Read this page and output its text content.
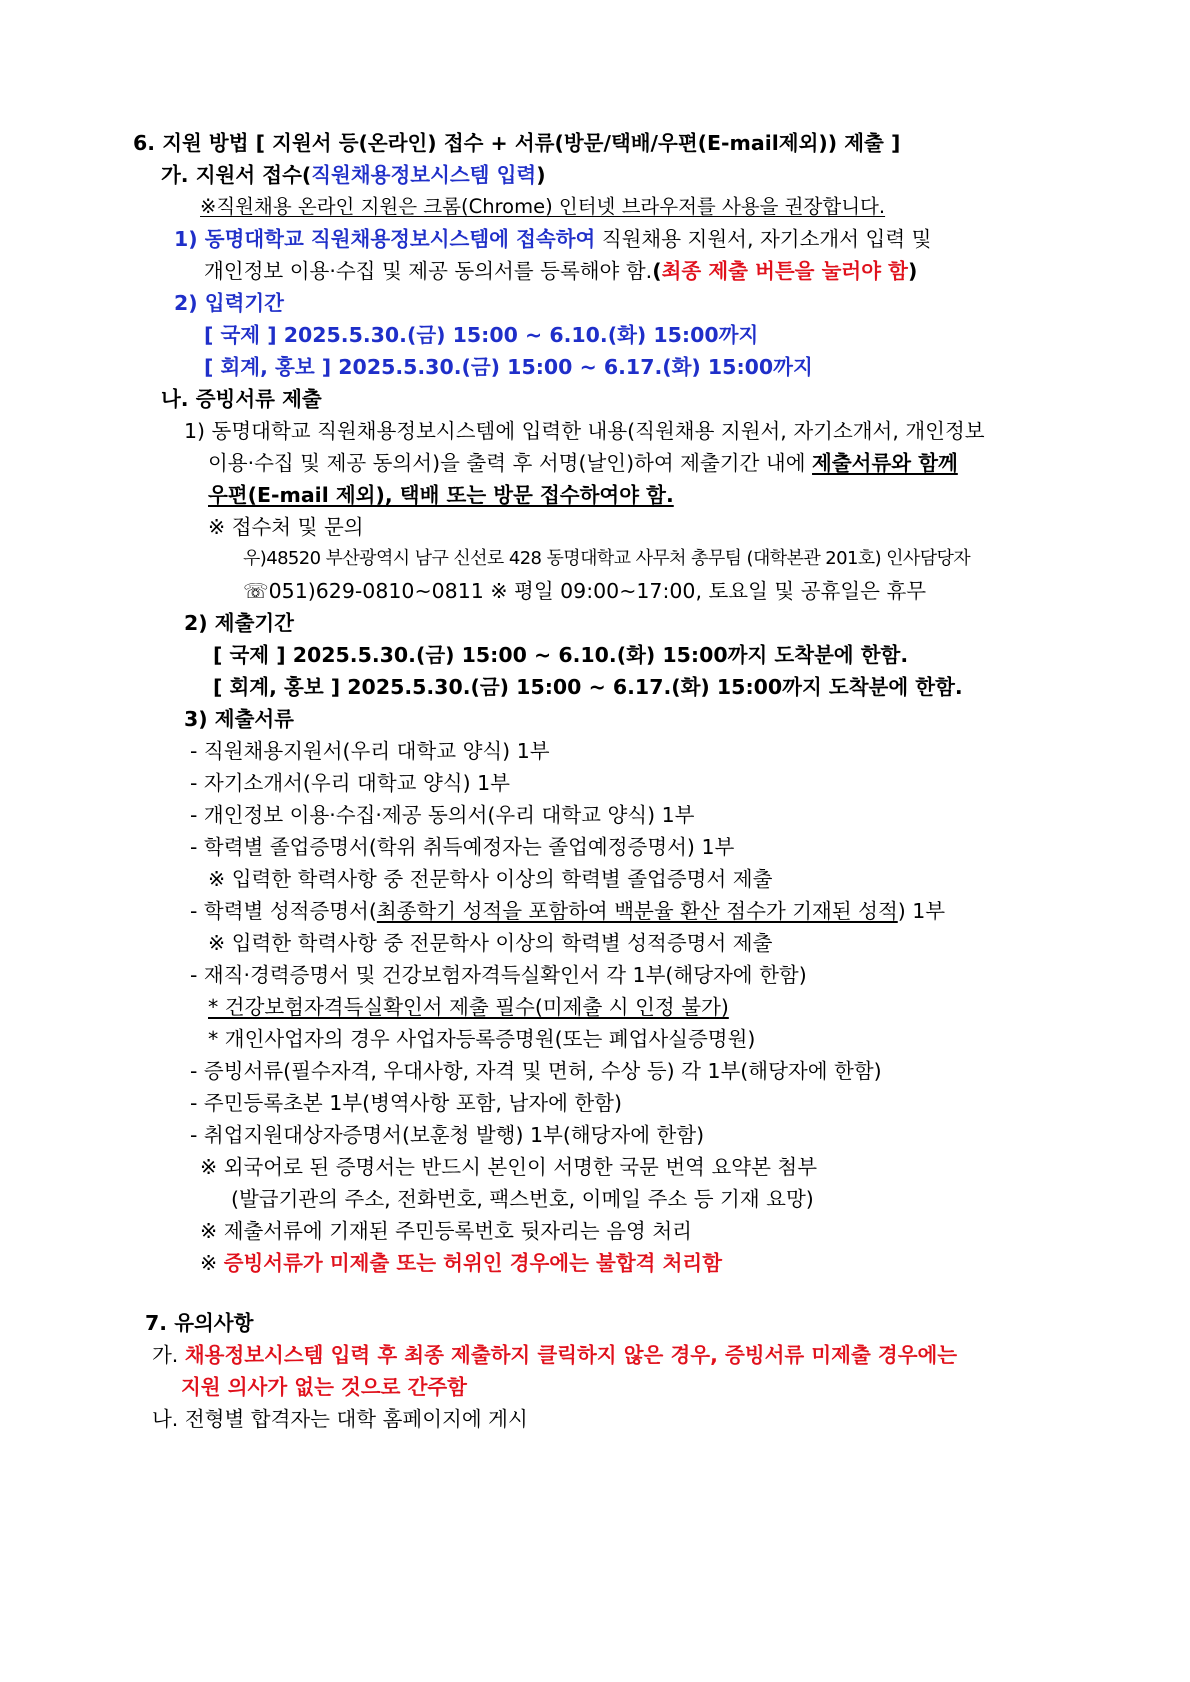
6. 지원 방법 [ 지원서 등(온라인) 접수 + 서류(방문/택배/우편(E-mail제외)) 제출 ]
가. 지원서 접수(직원채용정보시스템 입력)
※직원채용 온라인 지원은 크롬(Chrome) 인터넷 브라우저를 사용을 권장합니다.
1) 동명대학교 직원채용정보시스템에 접속하여 직원채용 지원서, 자기소개서 입력 및
개인정보 이용·수집 및 제공 동의서를 등록해야 함.(최종 제출 버튼을 눌러야 함)
2) 입력기간
[ 국제 ] 2025.5.30.(금) 15:00 ~ 6.10.(화) 15:00까지
[ 회계, 홍보 ] 2025.5.30.(금) 15:00 ~ 6.17.(화) 15:00까지
나. 증빙서류 제출
1) 동명대학교 직원채용정보시스템에 입력한 내용(직원채용 지원서, 자기소개서, 개인정보
이용·수집 및 제공 동의서)을 출력 후 서명(날인)하여 제출기간 내에 제출서류와 함께
우편(E-mail 제외), 택배 또는 방문 접수하여야 함.
※ 접수처 및 문의
우)48520 부산광역시 남구 신선로 428 동명대학교 사무처 총무팀 (대학본관 201호) 인사담당자
☏051)629-0810~0811 ※ 평일 09:00~17:00, 토요일 및 공휴일은 휴무
2) 제출기간
[ 국제 ] 2025.5.30.(금) 15:00 ~ 6.10.(화) 15:00까지 도착분에 한함.
[ 회계, 홍보 ] 2025.5.30.(금) 15:00 ~ 6.17.(화) 15:00까지 도착분에 한함.
3) 제출서류
- 직원채용지원서(우리 대학교 양식) 1부
- 자기소개서(우리 대학교 양식) 1부
- 개인정보 이용·수집·제공 동의서(우리 대학교 양식) 1부
- 학력별 졸업증명서(학위 취득예정자는 졸업예정증명서) 1부
※ 입력한 학력사항 중 전문학사 이상의 학력별 졸업증명서 제출
- 학력별 성적증명서(최종학기 성적을 포함하여 백분율 환산 점수가 기재된 성적) 1부
※ 입력한 학력사항 중 전문학사 이상의 학력별 성적증명서 제출
- 재직·경력증명서 및 건강보험자격득실확인서 각 1부(해당자에 한함)
* 건강보험자격득실확인서 제출 필수(미제출 시 인정 불가)
* 개인사업자의 경우 사업자등록증명원(또는 폐업사실증명원)
- 증빙서류(필수자격, 우대사항, 자격 및 면허, 수상 등) 각 1부(해당자에 한함)
- 주민등록초본 1부(병역사항 포함, 남자에 한함)
- 취업지원대상자증명서(보훈청 발행) 1부(해당자에 한함)
※ 외국어로 된 증명서는 반드시 본인이 서명한 국문 번역 요약본 첨부
(발급기관의 주소, 전화번호, 팩스번호, 이메일 주소 등 기재 요망)
※ 제출서류에 기재된 주민등록번호 뒷자리는 음영 처리
※ 증빙서류가 미제출 또는 허위인 경우에는 불합격 처리함
7. 유의사항
가. 채용정보시스템 입력 후 최종 제출하지 클릭하지 않은 경우, 증빙서류 미제출 경우에는
지원 의사가 없는 것으로 간주함
나. 전형별 합격자는 대학 홈페이지에 게시
